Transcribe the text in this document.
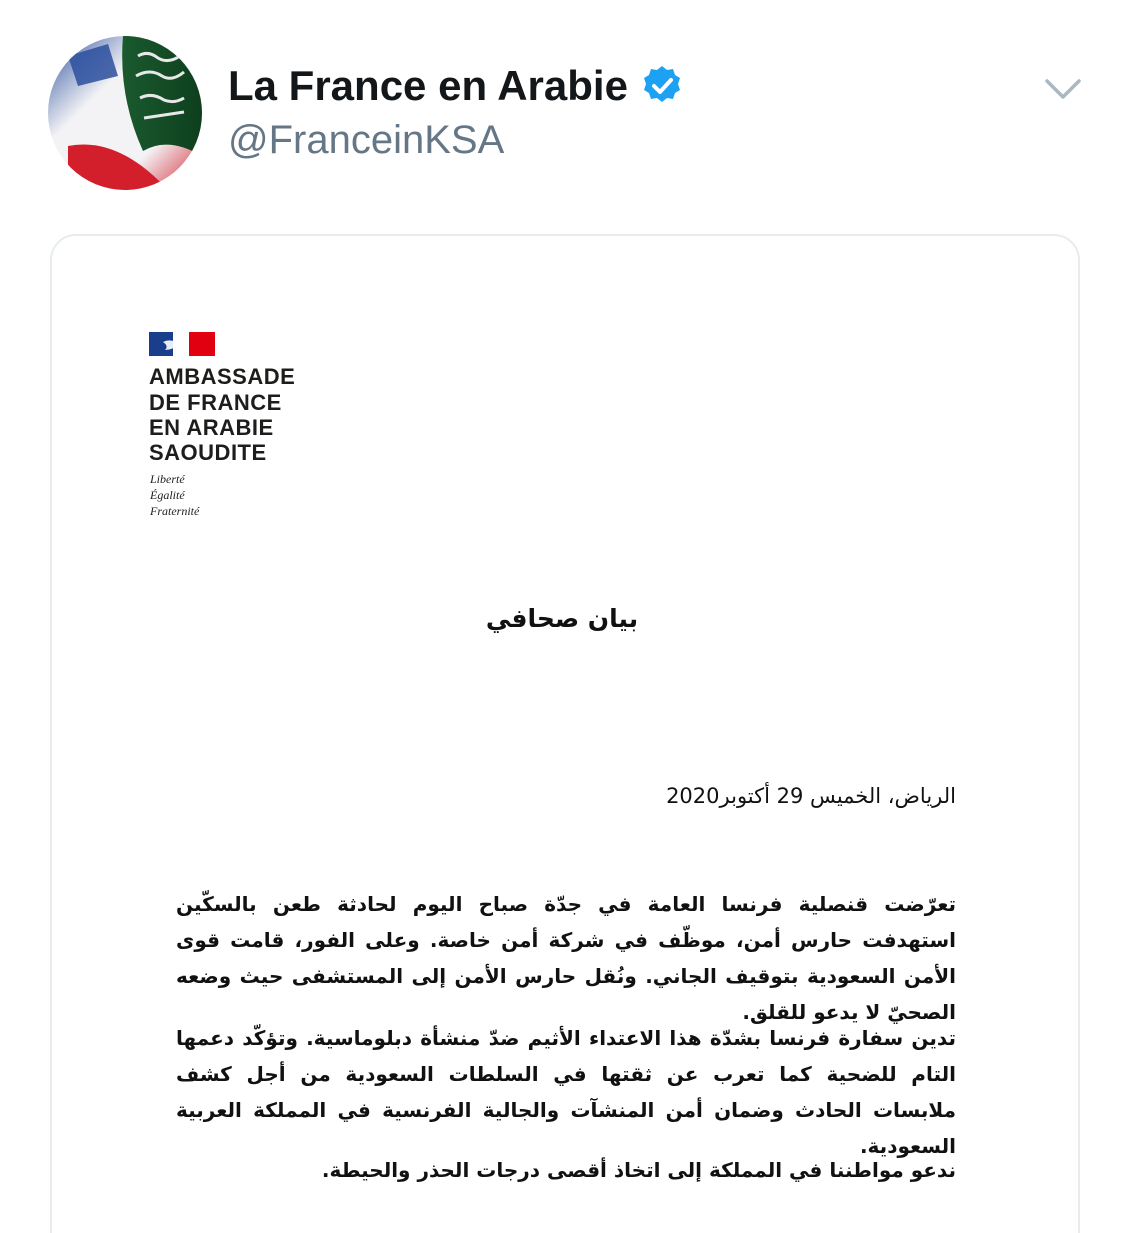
La France en Arabie
@FranceinKSA
AMBASSADE
DE FRANCE
EN ARABIE
SAOUDITE
Liberté
Égalité
Fraternité
بيان صحافي
الرياض، الخميس 29 أكتوبر2020
تعرّضت قنصلية فرنسا العامة في جدّة صباح اليوم لحادثة طعن بالسكّين استهدفت حارس أمن، موظّف في شركة أمن خاصة. وعلى الفور، قامت قوى الأمن السعودية بتوقيف الجاني. ونُقل حارس الأمن إلى المستشفى حيث وضعه الصحيّ لا يدعو للقلق.
تدين سفارة فرنسا بشدّة هذا الاعتداء الأثيم ضدّ منشأة دبلوماسية. وتؤكّد دعمها التام للضحية كما تعرب عن ثقتها في السلطات السعودية من أجل كشف ملابسات الحادث وضمان أمن المنشآت والجالية الفرنسية في المملكة العربية السعودية.
ندعو مواطننا في المملكة إلى اتخاذ أقصى درجات الحذر والحيطة.
